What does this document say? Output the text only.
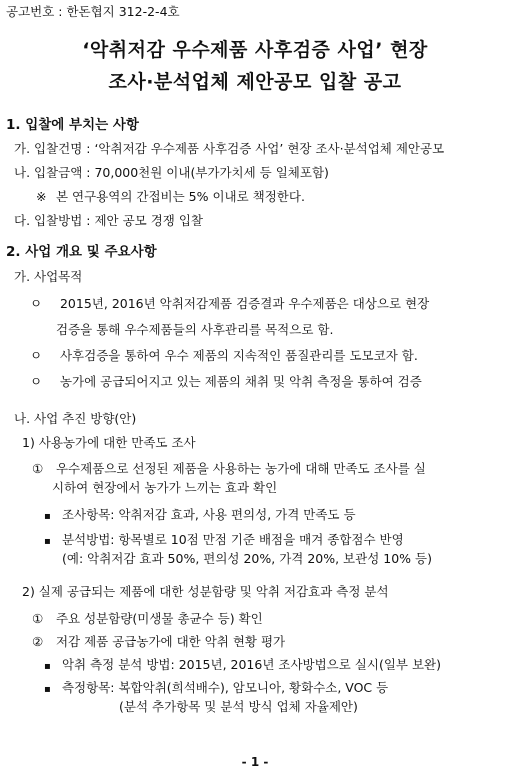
공고번호 : 한돈협지 312-2-4호
‘악취저감 우수제품 사후검증 사업’ 현장
조사·분석업체 제안공모 입찰 공고
1. 입찰에 부치는 사항
가. 입찰건명 : ‘악취저감 우수제품 사후검증 사업’ 현장 조사·분석업체 제안공모
나. 입찰금액 : 70,000천원 이내(부가가치세 등 일체포함)
※ 본 연구용역의 간접비는 5% 이내로 책정한다.
다. 입찰방법 : 제안 공모 경쟁 입찰
2. 사업 개요 및 주요사항
가. 사업목적
ㅇ 2015년, 2016년 악취저감제품 검증결과 우수제품은 대상으로 현장
검증을 통해 우수제품들의 사후관리를 목적으로 함.
ㅇ 사후검증을 통하여 우수 제품의 지속적인 품질관리를 도모코자 함.
ㅇ 농가에 공급되어지고 있는 제품의 채취 및 악취 측정을 통하여 검증
나. 사업 추진 방향(안)
1) 사용농가에 대한 만족도 조사
① 우수제품으로 선정된 제품을 사용하는 농가에 대해 만족도 조사를 실
시하여 현장에서 농가가 느끼는 효과 확인
▪ 조사항목: 악취저감 효과, 사용 편의성, 가격 만족도 등
▪ 분석방법: 항목별로 10점 만점 기준 배점을 매겨 종합점수 반영
(예: 악취저감 효과 50%, 편의성 20%, 가격 20%, 보관성 10% 등)
2) 실제 공급되는 제품에 대한 성분함량 및 악취 저감효과 측정 분석
① 주요 성분함량(미생물 총균수 등) 확인
② 저감 제품 공급농가에 대한 악취 현황 평가
▪ 악취 측정 분석 방법: 2015년, 2016년 조사방법으로 실시(일부 보완)
▪ 측정항목: 복합악취(희석배수), 암모니아, 황화수소, VOC 등
(분석 추가항목 및 분석 방식 업체 자율제안)
- 1 -
